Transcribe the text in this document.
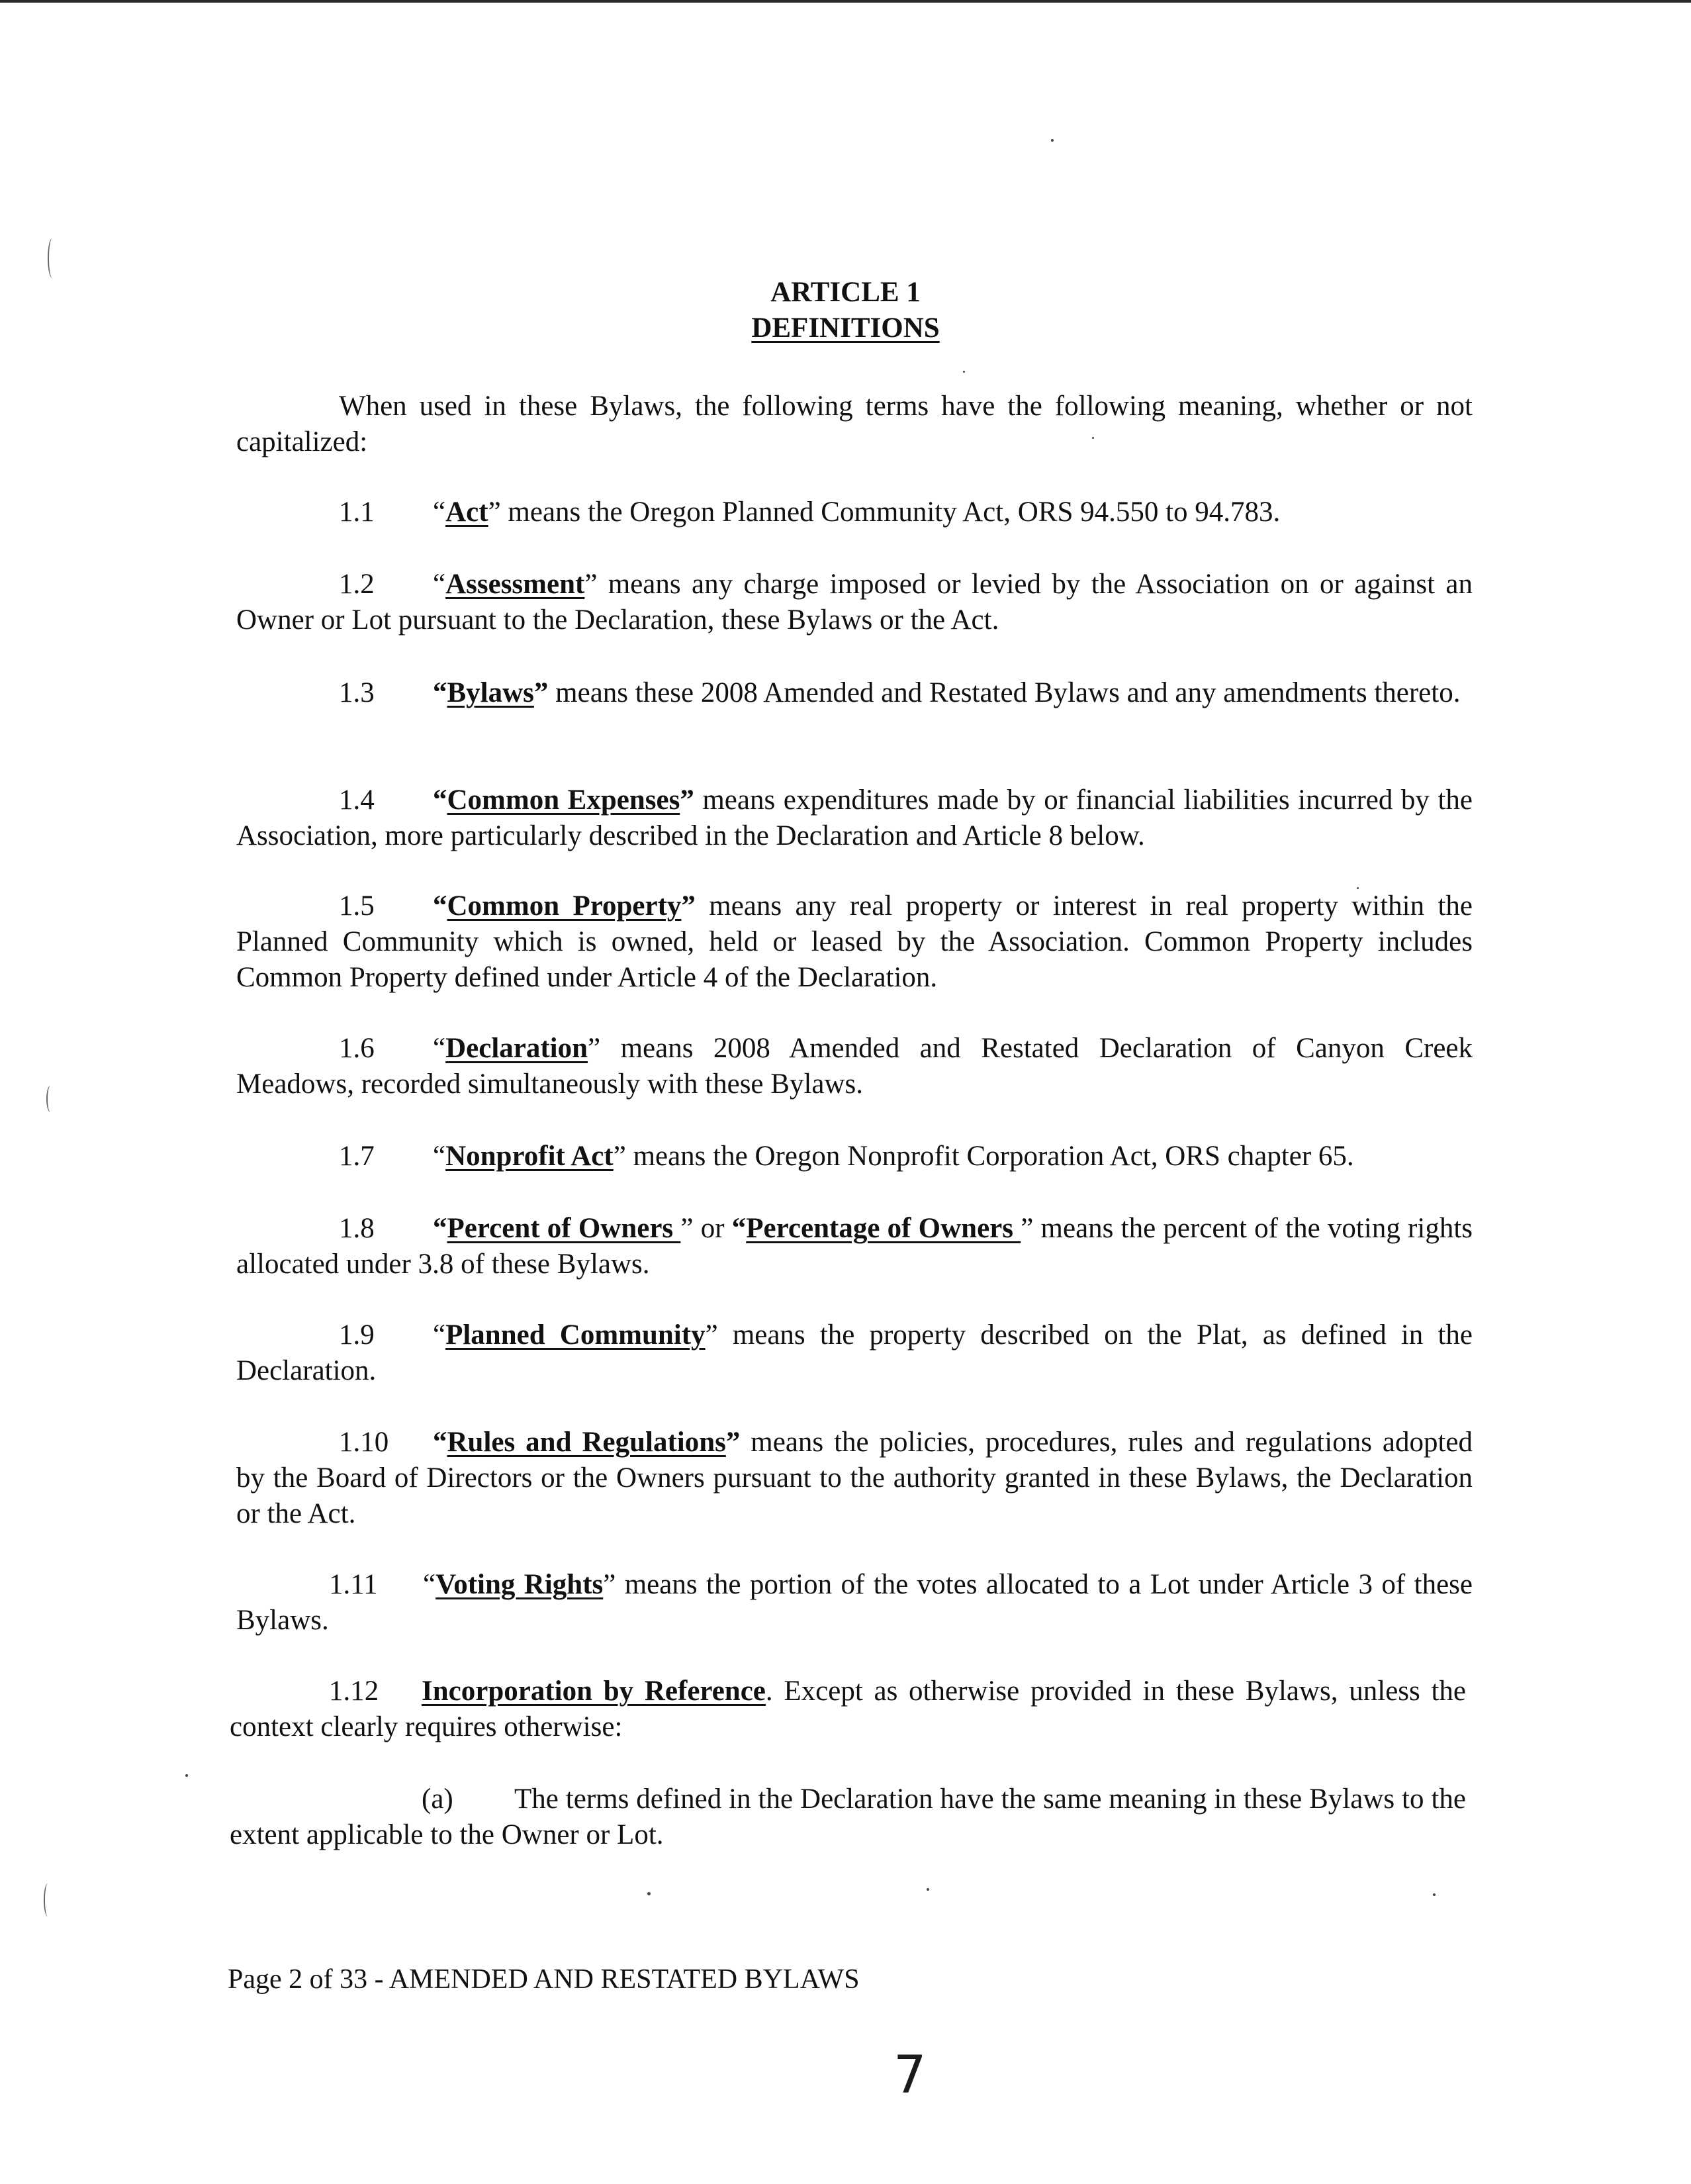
ARTICLE 1
DEFINITIONS
When used in these Bylaws, the following terms have the following meaning, whether or not capitalized:
1.1 “Act” means the Oregon Planned Community Act, ORS 94.550 to 94.783.
1.2 “Assessment” means any charge imposed or levied by the Association on or against an Owner or Lot pursuant to the Declaration, these Bylaws or the Act.
1.3 “Bylaws” means these 2008 Amended and Restated Bylaws and any amendments thereto.
1.4 “Common Expenses” means expenditures made by or financial liabilities incurred by the Association, more particularly described in the Declaration and Article 8 below.
1.5 “Common Property” means any real property or interest in real property within the Planned Community which is owned, held or leased by the Association. Common Property includes Common Property defined under Article 4 of the Declaration.
1.6 “Declaration” means 2008 Amended and Restated Declaration of Canyon Creek Meadows, recorded simultaneously with these Bylaws.
1.7 “Nonprofit Act” means the Oregon Nonprofit Corporation Act, ORS chapter 65.
1.8 “Percent of Owners ” or “Percentage of Owners ” means the percent of the voting rights allocated under 3.8 of these Bylaws.
1.9 “Planned Community” means the property described on the Plat, as defined in the Declaration.
1.10 “Rules and Regulations” means the policies, procedures, rules and regulations adopted by the Board of Directors or the Owners pursuant to the authority granted in these Bylaws, the Declaration or the Act.
1.11 “Voting Rights” means the portion of the votes allocated to a Lot under Article 3 of these Bylaws.
1.12 Incorporation by Reference. Except as otherwise provided in these Bylaws, unless the context clearly requires otherwise:
(a) The terms defined in the Declaration have the same meaning in these Bylaws to the extent applicable to the Owner or Lot.
Page 2 of 33 - AMENDED AND RESTATED BYLAWS
7
